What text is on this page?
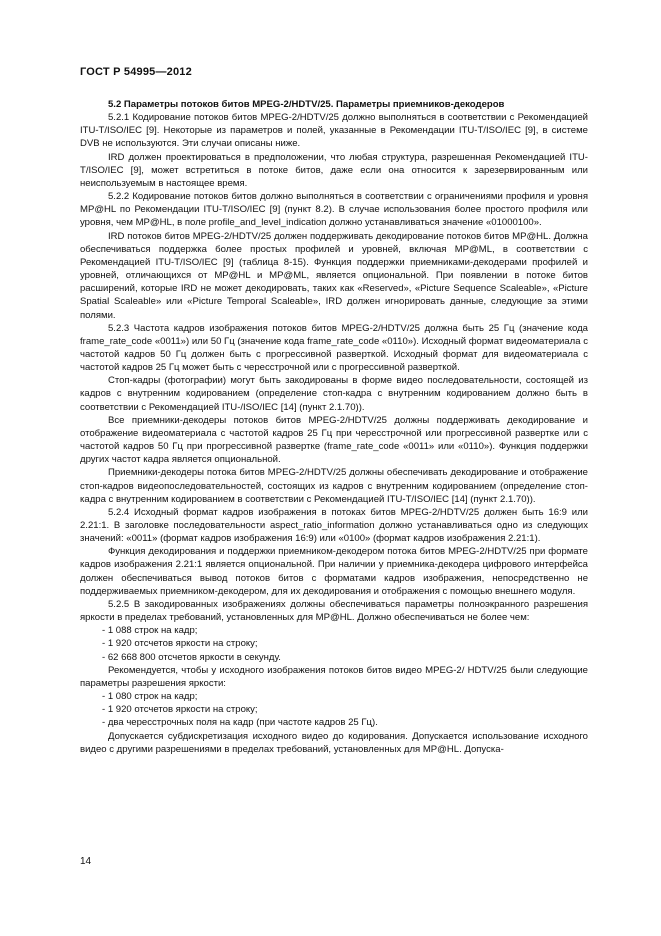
ГОСТ Р 54995—2012

5.2 Параметры потоков битов MPEG-2/HDTV/25. Параметры приемников-декодеров

5.2.1 Кодирование потоков битов MPEG-2/HDTV/25 должно выполняться в соответствии с Рекомендацией ITU-T/ISO/IEC [9]. Некоторые из параметров и полей, указанные в Рекомендации ITU-T/ISO/IEC [9], в системе DVB не используются. Эти случаи описаны ниже.

IRD должен проектироваться в предположении, что любая структура, разрешенная Рекомендацией ITU-T/ISO/IEC [9], может встретиться в потоке битов, даже если она относится к зарезервированным или неиспользуемым в настоящее время.

5.2.2 Кодирование потоков битов должно выполняться в соответствии с ограничениями профиля и уровня MP@HL по Рекомендации ITU-T/ISO/IEC [9] (пункт 8.2). В случае использования более простого профиля или уровня, чем MP@HL, в поле profile_and_level_indication должно устанавливаться значение «01000100».

IRD потоков битов MPEG-2/HDTV/25 должен поддерживать декодирование потоков битов MP@HL. Должна обеспечиваться поддержка более простых профилей и уровней, включая MP@ML, в соответствии с Рекомендацией ITU-T/ISO/IEC [9] (таблица 8-15). Функция поддержки приемниками-декодерами профилей и уровней, отличающихся от MP@HL и MP@ML, является опциональной. При появлении в потоке битов расширений, которые IRD не может декодировать, таких как «Reserved», «Picture Sequence Scaleable», «Picture Spatial Scaleable» или «Picture Temporal Scaleable», IRD должен игнорировать данные, следующие за этими полями.

5.2.3 Частота кадров изображения потоков битов MPEG-2/HDTV/25 должна быть 25 Гц (значение кода frame_rate_code «0011») или 50 Гц (значение кода frame_rate_code «0110»). Исходный формат видеоматериала с частотой кадров 50 Гц должен быть с прогрессивной разверткой. Исходный формат для видеоматериала с частотой кадров 25 Гц может быть с чересстрочной или с прогрессивной разверткой.

Стоп-кадры (фотографии) могут быть закодированы в форме видео последовательности, состоящей из кадров с внутренним кодированием (определение стоп-кадра с внутренним кодированием должно быть в соответствии с Рекомендацией ITU-/ISO/IEC [14] (пункт 2.1.70)).

Все приемники-декодеры потоков битов MPEG-2/HDTV/25 должны поддерживать декодирование и отображение видеоматериала с частотой кадров 25 Гц при чересстрочной или прогрессивной развертке или с частотой кадров 50 Гц при прогрессивной развертке (frame_rate_code «0011» или «0110»). Функция поддержки других частот кадра является опциональной.

Приемники-декодеры потока битов MPEG-2/HDTV/25 должны обеспечивать декодирование и отображение стоп-кадров видеопоследовательностей, состоящих из кадров с внутренним кодированием (определение стоп-кадра с внутренним кодированием в соответствии с Рекомендацией ITU-T/ISO/IEC [14] (пункт 2.1.70)).

5.2.4 Исходный формат кадров изображения в потоках битов MPEG-2/HDTV/25 должен быть 16:9 или 2.21:1. В заголовке последовательности aspect_ratio_information должно устанавливаться одно из следующих значений: «0011» (формат кадров изображения 16:9) или «0100» (формат кадров изображения 2.21:1).

Функция декодирования и поддержки приемником-декодером потока битов MPEG-2/HDTV/25 при формате кадров изображения 2.21:1 является опциональной. При наличии у приемника-декодера цифрового интерфейса должен обеспечиваться вывод потоков битов с форматами кадров изображения, непосредственно не поддерживаемых приемником-декодером, для их декодирования и отображения с помощью внешнего модуля.

5.2.5 В закодированных изображениях должны обеспечиваться параметры полноэкранного разрешения яркости в пределах требований, установленных для MP@HL. Должно обеспечиваться не более чем:

- 1 088 строк на кадр;
- 1 920 отсчетов яркости на строку;
- 62 668 800 отсчетов яркости в секунду.

Рекомендуется, чтобы у исходного изображения потоков битов видео MPEG-2/ HDTV/25 были следующие параметры разрешения яркости:

- 1 080 строк на кадр;
- 1 920 отсчетов яркости на строку;
- два чересстрочных поля на кадр (при частоте кадров 25 Гц).

Допускается субдискретизация исходного видео до кодирования. Допускается использование исходного видео с другими разрешениями в пределах требований, установленных для MP@HL. Допуска-

14
